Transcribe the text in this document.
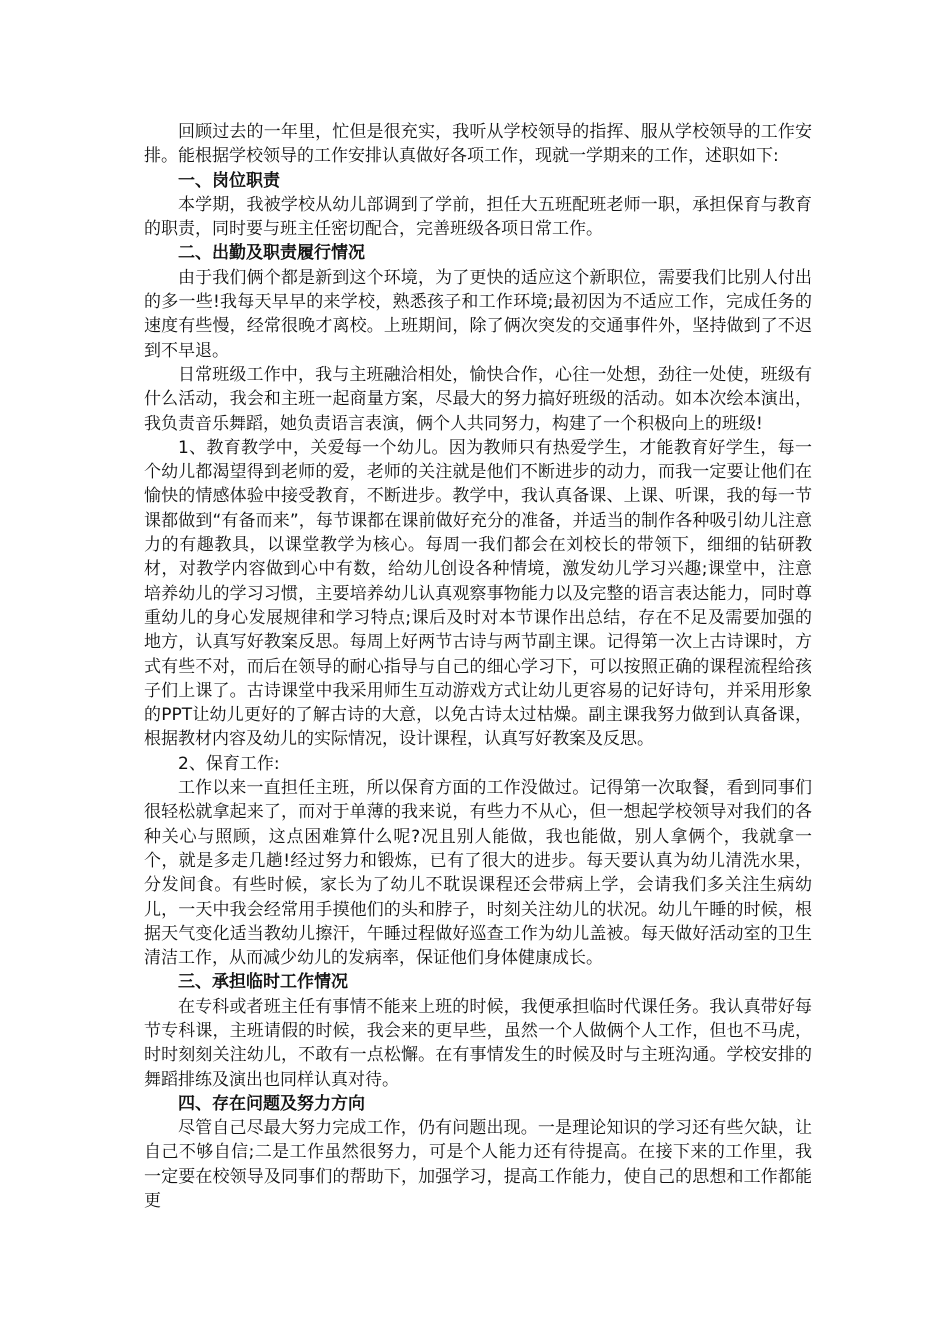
回顾过去的一年里，忙但是很充实，我听从学校领导的指挥、服从学校领导的工作安排。能根据学校领导的工作安排认真做好各项工作，现就一学期来的工作，述职如下:

一、岗位职责

本学期，我被学校从幼儿部调到了学前，担任大五班配班老师一职，承担保育与教育的职责，同时要与班主任密切配合，完善班级各项日常工作。

二、出勤及职责履行情况

由于我们俩个都是新到这个环境，为了更快的适应这个新职位，需要我们比别人付出的多一些!我每天早早的来学校，熟悉孩子和工作环境;最初因为不适应工作，完成任务的速度有些慢，经常很晚才离校。上班期间，除了俩次突发的交通事件外，坚持做到了不迟到不早退。

日常班级工作中，我与主班融洽相处，愉快合作，心往一处想，劲往一处使，班级有什么活动，我会和主班一起商量方案，尽最大的努力搞好班级的活动。如本次绘本演出，我负责音乐舞蹈，她负责语言表演，俩个人共同努力，构建了一个积极向上的班级!

1、教育教学中，关爱每一个幼儿。因为教师只有热爱学生，才能教育好学生，每一个幼儿都渴望得到老师的爱，老师的关注就是他们不断进步的动力，而我一定要让他们在愉快的情感体验中接受教育，不断进步。教学中，我认真备课、上课、听课，我的每一节课都做到“有备而来”，每节课都在课前做好充分的准备，并适当的制作各种吸引幼儿注意力的有趣教具，以课堂教学为核心。每周一我们都会在刘校长的带领下，细细的钻研教材，对教学内容做到心中有数，给幼儿创设各种情境，激发幼儿学习兴趣;课堂中，注意培养幼儿的学习习惯，主要培养幼儿认真观察事物能力以及完整的语言表达能力，同时尊重幼儿的身心发展规律和学习特点;课后及时对本节课作出总结，存在不足及需要加强的地方，认真写好教案反思。每周上好两节古诗与两节副主课。记得第一次上古诗课时，方式有些不对，而后在领导的耐心指导与自己的细心学习下，可以按照正确的课程流程给孩子们上课了。古诗课堂中我采用师生互动游戏方式让幼儿更容易的记好诗句，并采用形象的PPT让幼儿更好的了解古诗的大意，以免古诗太过枯燥。副主课我努力做到认真备课，根据教材内容及幼儿的实际情况，设计课程，认真写好教案及反思。

2、保育工作:

工作以来一直担任主班，所以保育方面的工作没做过。记得第一次取餐，看到同事们很轻松就拿起来了，而对于单薄的我来说，有些力不从心，但一想起学校领导对我们的各种关心与照顾，这点困难算什么呢?况且别人能做，我也能做，别人拿俩个，我就拿一个，就是多走几趟!经过努力和锻炼，已有了很大的进步。每天要认真为幼儿清洗水果，分发间食。有些时候，家长为了幼儿不耽误课程还会带病上学，会请我们多关注生病幼儿，一天中我会经常用手摸他们的头和脖子，时刻关注幼儿的状况。幼儿午睡的时候，根据天气变化适当教幼儿擦汗，午睡过程做好巡查工作为幼儿盖被。每天做好活动室的卫生清洁工作，从而减少幼儿的发病率，保证他们身体健康成长。

三、承担临时工作情况

在专科或者班主任有事情不能来上班的时候，我便承担临时代课任务。我认真带好每节专科课，主班请假的时候，我会来的更早些，虽然一个人做俩个人工作，但也不马虎，时时刻刻关注幼儿，不敢有一点松懈。在有事情发生的时候及时与主班沟通。学校安排的舞蹈排练及演出也同样认真对待。

四、存在问题及努力方向

尽管自己尽最大努力完成工作，仍有问题出现。一是理论知识的学习还有些欠缺，让自己不够自信;二是工作虽然很努力，可是个人能力还有待提高。在接下来的工作里，我一定要在校领导及同事们的帮助下，加强学习，提高工作能力，使自己的思想和工作都能更
